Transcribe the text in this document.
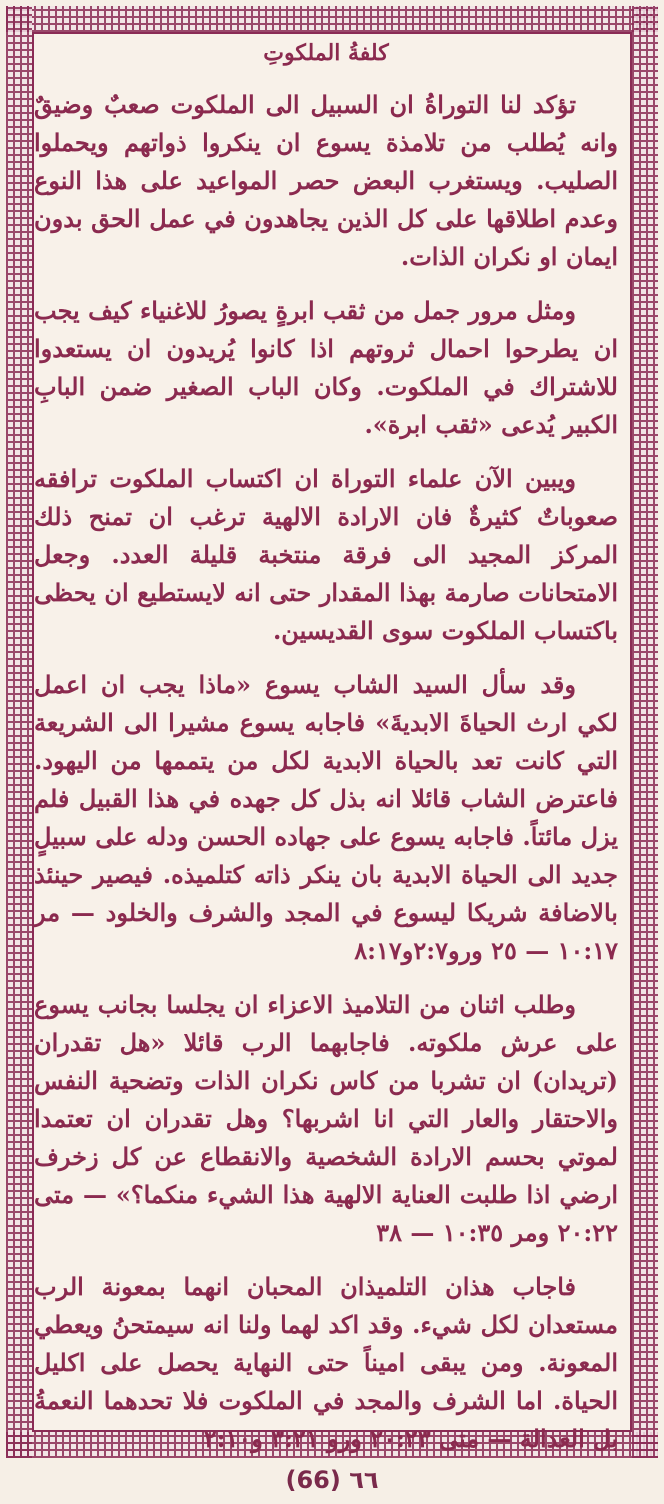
كلفةُ الملكوتِ

تؤكد لنا التوراةُ ان السبيل الى الملكوت صعبٌ وضيقٌ وانه يُطلب من تلامذة يسوع ان ينكروا ذواتهم ويحملوا الصليب. ويستغرب البعض حصر المواعيد على هذا النوع وعدم اطلاقها على كل الذين يجاهدون في عمل الحق بدون ايمان او نكران الذات.

ومثل مرور جمل من ثقب ابرةٍ يصورُ للاغنياء كيف يجب ان يطرحوا احمال ثروتهم اذا كانوا يُريدون ان يستعدوا للاشتراك في الملكوت. وكان الباب الصغير ضمن البابِ الكبير يُدعى «ثقب ابرة».

ويبين الآن علماء التوراة ان اكتساب الملكوت ترافقه صعوباتٌ كثيرةٌ فان الارادة الالهية ترغب ان تمنح ذلك المركز المجيد الى فرقة منتخبة قليلة العدد. وجعل الامتحانات صارمة بهذا المقدار حتى انه لايستطيع ان يحظى باكتساب الملكوت سوى القديسين.

وقد سأل السيد الشاب يسوع «ماذا يجب ان اعمل لكي ارث الحياةَ الابديةَ» فاجابه يسوع مشيرا الى الشريعة التي كانت تعد بالحياة الابدية لكل من يتممها من اليهود. فاعترض الشاب قائلا انه بذل كل جهده في هذا القبيل فلم يزل مائتاً. فاجابه يسوع على جهاده الحسن ودله على سبيلٍ جديد الى الحياة الابدية بان ينكر ذاته كتلميذه. فيصير حينئذ بالاضافة شريكا ليسوع في المجد والشرف والخلود — مر ١٠:١٧ — ٢٥ ورو٢:٧و٨:١٧

وطلب اثنان من التلاميذ الاعزاء ان يجلسا بجانب يسوع على عرش ملكوته. فاجابهما الرب قائلا «هل تقدران (تريدان) ان تشربا من كاس نكران الذات وتضحية النفس والاحتقار والعار التي انا اشربها؟ وهل تقدران ان تعتمدا لموتي بحسم الارادة الشخصية والانقطاع عن كل زخرف ارضي اذا طلبت العناية الالهية هذا الشيء منكما؟» — متى ٢٠:٢٢ ومر ١٠:٣٥ — ٣٨

فاجاب هذان التلميذان المحبان انهما بمعونة الرب مستعدان لكل شيء. وقد اكد لهما ولنا انه سيمتحنُ ويعطي المعونة. ومن يبقى اميناً حتى النهاية يحصل على اكليل الحياة. اما الشرف والمجد في الملكوت فلا تحدهما النعمةُ بل العدالة — متى ٢٠:٢٣ ورو ٣:٢١ و٢:١٠

(66) ٦٦
